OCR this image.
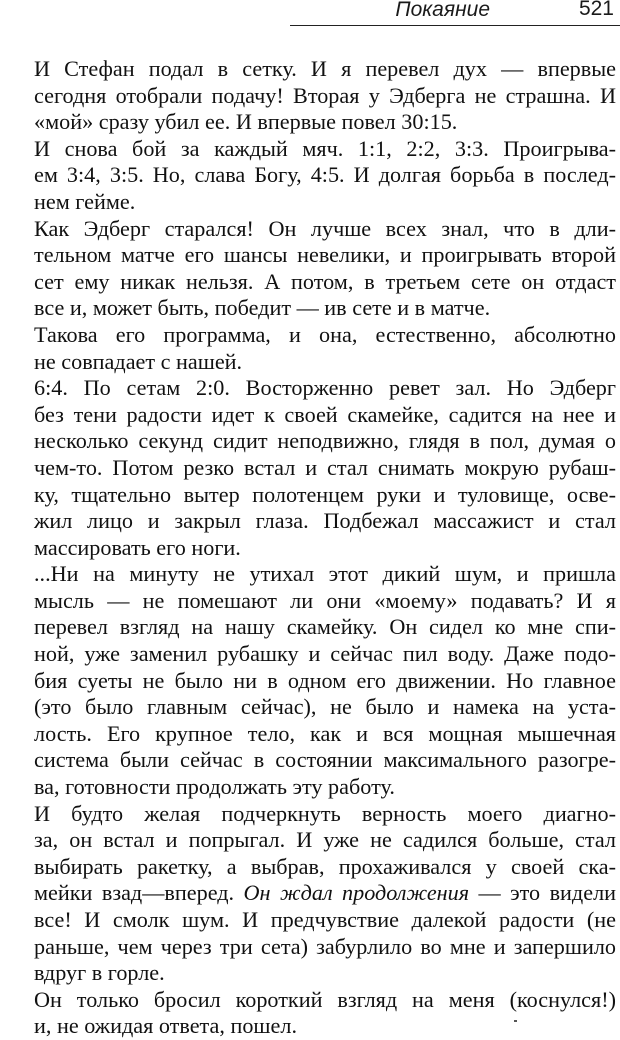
Покаяние	521
И Стефан подал в сетку. И я перевел дух — впервые
сегодня отобрали подачу! Вторая у Эдберга не страшна. И
«мой» сразу убил ее. И впервые повел 30:15.
И снова бой за каждый мяч. 1:1, 2:2, 3:3. Проигрыва-
ем 3:4, 3:5. Но, слава Богу, 4:5. И долгая борьба в послед-
нем гейме.
Как Эдберг старался! Он лучше всех знал, что в дли-
тельном матче его шансы невелики, и проигрывать второй
сет ему никак нельзя. А потом, в третьем сете он отдаст
все и, может быть, победит — ив сете и в матче.
Такова его программа, и она, естественно, абсолютно
не совпадает с нашей.
6:4. По сетам 2:0. Восторженно ревет зал. Но Эдберг
без тени радости идет к своей скамейке, садится на нее и
несколько секунд сидит неподвижно, глядя в пол, думая о
чем-то. Потом резко встал и стал снимать мокрую рубаш-
ку, тщательно вытер полотенцем руки и туловище, осве-
жил лицо и закрыл глаза. Подбежал массажист и стал
массировать его ноги.
...Ни на минуту не утихал этот дикий шум, и пришла
мысль — не помешают ли они «моему» подавать? И я
перевел взгляд на нашу скамейку. Он сидел ко мне спи-
ной, уже заменил рубашку и сейчас пил воду. Даже подо-
бия суеты не было ни в одном его движении. Но главное
(это было главным сейчас), не было и намека на уста-
лость. Его крупное тело, как и вся мощная мышечная
система были сейчас в состоянии максимального разогре-
ва, готовности продолжать эту работу.
И будто желая подчеркнуть верность моего диагно-
за, он встал и попрыгал. И уже не садился больше, стал
выбирать ракетку, а выбрав, прохаживался у своей ска-
мейки взад—вперед. Он ждал продолжения — это видели
все! И смолк шум. И предчувствие далекой радости (не
раньше, чем через три сета) забурлило во мне и запершило
вдруг в горле.
Он только бросил короткий взгляд на меня (коснулся!)
и, не ожидая ответа, пошел.
